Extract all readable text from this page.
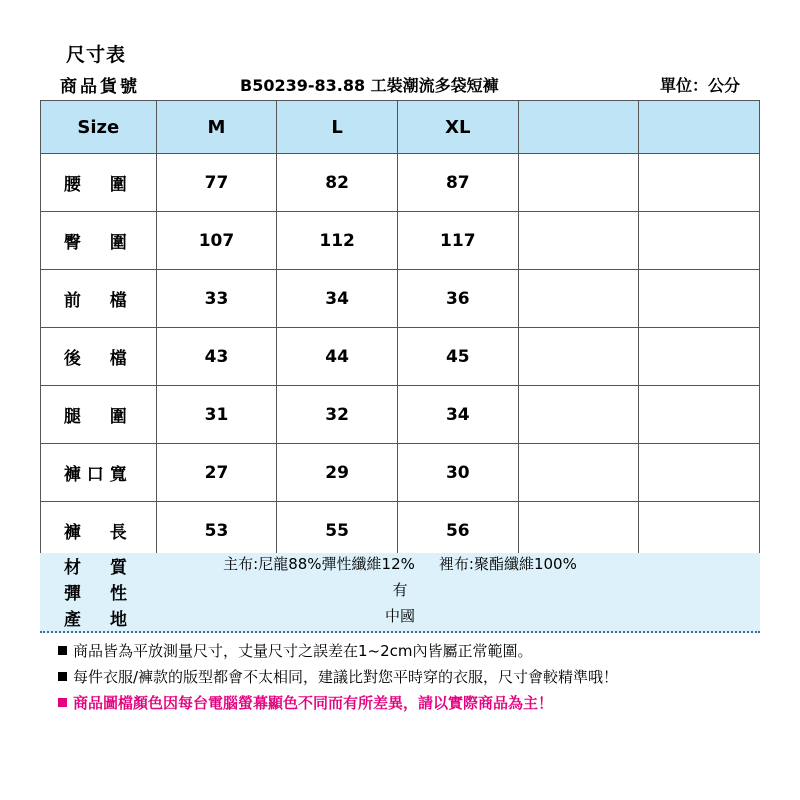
尺寸表
商品貨號	B50239-83.88 工裝潮流多袋短褲	單位：公分
Size	M	L	XL		
腰　圍	77	82	87		
臀　圍	107	112	117		
前　檔	33	34	36		
後　檔	43	44	45		
腿　圍	31	32	34		
褲口寬	27	29	30		
褲　長	53	55	56		
材　質	主布:尼龍88%彈性纖維12% 裡布:聚酯纖維100%
彈　性	有
產　地	中國
商品皆為平放測量尺寸，丈量尺寸之誤差在1~2cm內皆屬正常範圍。
每件衣服/褲款的版型都會不太相同，建議比對您平時穿的衣服，尺寸會較精準哦！
商品圖檔顏色因每台電腦螢幕顯色不同而有所差異，請以實際商品為主！
